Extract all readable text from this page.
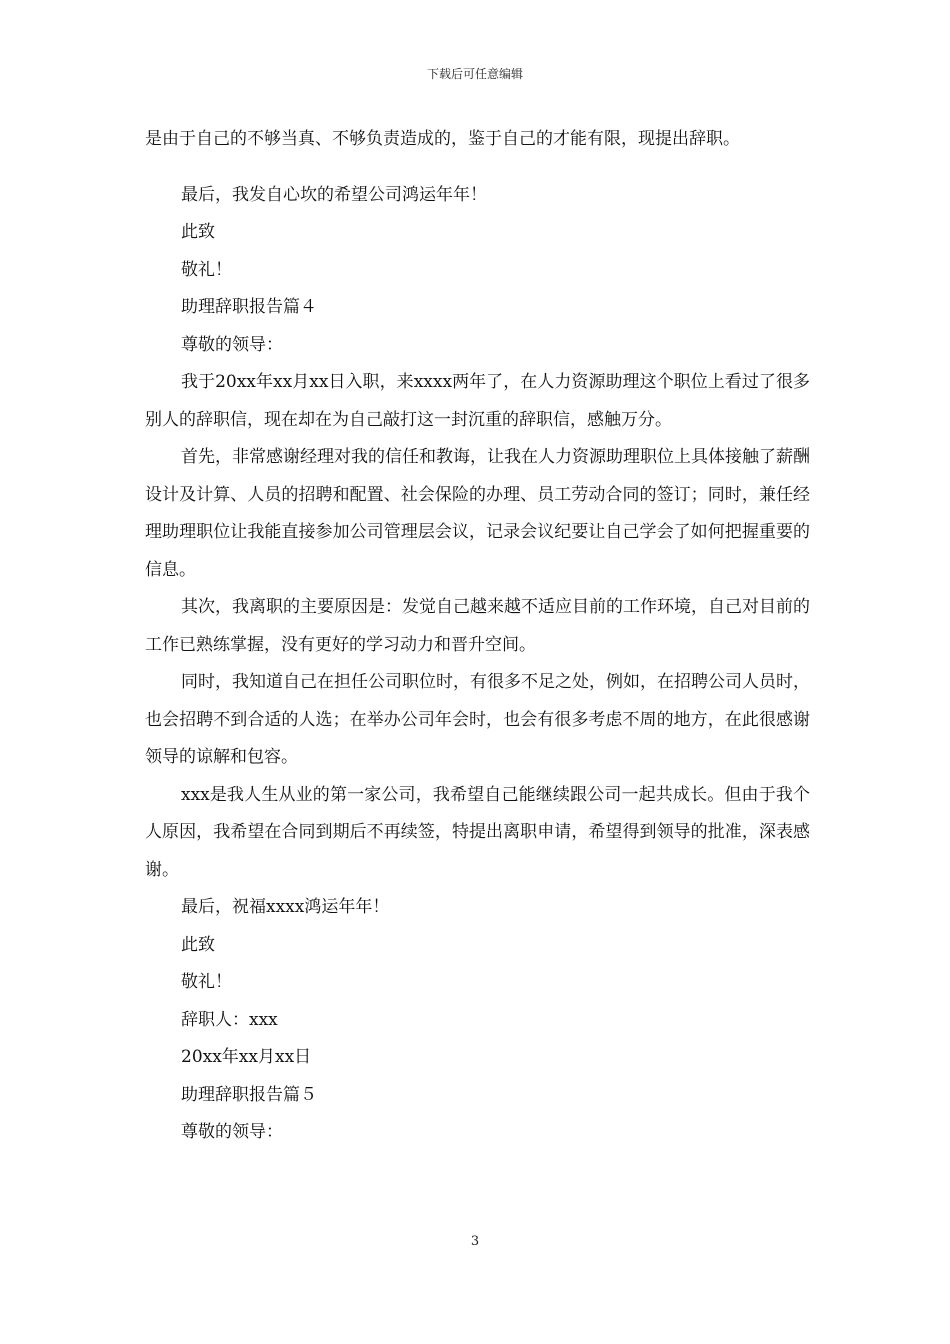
下载后可任意编辑

是由于自己的不够当真、不够负责造成的，鉴于自己的才能有限，现提出辞职。

最后，我发自心坎的希望公司鸿运年年！

此致

敬礼！

助理辞职报告篇４

尊敬的领导：

我于20xx年xx月xx日入职，来xxxx两年了，在人力资源助理这个职位上看过了很多别人的辞职信，现在却在为自己敲打这一封沉重的辞职信，感触万分。

首先，非常感谢经理对我的信任和教诲，让我在人力资源助理职位上具体接触了薪酬设计及计算、人员的招聘和配置、社会保险的办理、员工劳动合同的签订；同时，兼任经理助理职位让我能直接参加公司管理层会议，记录会议纪要让自己学会了如何把握重要的信息。

其次，我离职的主要原因是：发觉自己越来越不适应目前的工作环境，自己对目前的工作已熟练掌握，没有更好的学习动力和晋升空间。

同时，我知道自己在担任公司职位时，有很多不足之处，例如，在招聘公司人员时，也会招聘不到合适的人选；在举办公司年会时，也会有很多考虑不周的地方，在此很感谢领导的谅解和包容。

xxx是我人生从业的第一家公司，我希望自己能继续跟公司一起共成长。但由于我个人原因，我希望在合同到期后不再续签，特提出离职申请，希望得到领导的批准，深表感谢。

最后，祝福xxxx鸿运年年！

此致

敬礼！

辞职人：xxx

20xx年xx月xx日

助理辞职报告篇５

尊敬的领导：

3
